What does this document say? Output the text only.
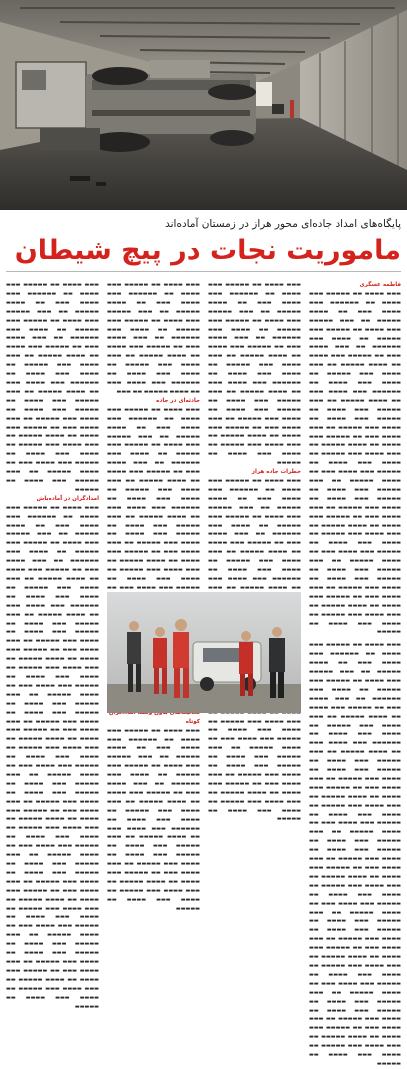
پایگاه‌های امداد جاده‌ای محور هراز در زمستان آماده‌اند
ماموریت نجات در پیچ شیطان
فاطمه عسگری

▬▬▬ ▬▬▬▬ ▬▬ ▬▬▬▬▬ ▬▬▬ ▬▬▬▬ ▬▬ ▬▬▬▬▬▬ ▬▬▬ ▬▬▬▬ ▬▬▬ ▬▬ ▬▬▬▬ ▬▬▬▬▬ ▬▬ ▬▬▬ ▬▬▬▬▬ ▬▬▬ ▬▬▬▬ ▬▬ ▬▬▬▬▬ ▬▬▬ ▬▬▬▬▬ ▬▬ ▬▬▬▬ ▬▬▬ ▬▬▬▬▬▬ ▬▬ ▬▬▬ ▬▬▬▬ ▬▬▬ ▬▬ ▬▬▬▬▬ ▬▬▬ ▬▬▬▬ ▬▬ ▬▬▬▬ ▬▬▬▬▬ ▬▬ ▬▬▬ ▬▬▬▬ ▬▬▬ ▬▬▬▬▬ ▬▬ ▬▬▬▬ ▬▬▬ ▬▬▬▬ ▬▬ ▬▬▬▬▬▬ ▬▬▬ ▬▬▬▬ ▬▬▬ ▬▬ ▬▬▬▬ ▬▬▬▬▬ ▬▬ ▬▬▬ ▬▬▬▬▬ ▬▬▬ ▬▬▬▬ ▬▬ ▬▬▬▬▬ ▬▬▬ ▬▬▬▬ ▬▬ ▬▬▬▬ ▬▬▬ ▬▬▬▬▬ ▬▬ ▬▬▬ ▬▬▬▬ ▬▬▬ ▬▬ ▬▬▬▬▬ ▬▬▬ ▬▬▬▬ ▬▬ ▬▬▬▬ ▬▬▬▬▬ ▬▬ ▬▬▬ ▬▬▬▬ ▬▬▬ ▬▬▬▬▬ ▬▬ ▬▬▬▬ ▬▬▬ ▬▬▬▬ ▬▬ ▬▬▬▬▬ ▬▬▬ ▬▬▬▬ ▬▬▬ ▬▬ ▬▬▬▬ ▬▬▬▬▬ ▬▬ ▬▬▬ ▬▬▬▬▬ ▬▬▬ ▬▬▬▬ ▬▬ ▬▬▬▬▬ ▬▬▬ ▬▬▬▬ ▬▬ ▬▬▬▬ ▬▬▬ ▬▬▬▬▬ ▬▬ ▬▬▬ ▬▬▬▬ ▬▬▬ ▬▬ ▬▬▬▬▬ ▬▬▬ ▬▬▬▬ ▬▬ ▬▬▬▬ ▬▬▬▬▬ ▬▬ ▬▬▬ ▬▬▬▬ ▬▬▬ ▬▬▬▬▬ ▬▬ ▬▬▬▬ ▬▬▬ ▬▬▬▬ ▬▬ ▬▬▬▬▬ ▬▬▬ ▬▬▬▬ ▬▬▬ ▬▬ ▬▬▬▬ ▬▬▬▬▬ ▬▬ ▬▬▬ ▬▬▬▬▬ ▬▬▬ ▬▬▬▬ ▬▬ ▬▬▬▬▬ ▬▬▬ ▬▬▬▬ ▬▬ ▬▬▬▬ ▬▬▬ ▬▬▬▬▬ ▬▬ ▬▬▬ ▬▬▬▬ ▬▬▬ ▬▬ ▬▬▬▬▬ ▬▬▬ ▬▬▬▬ ▬▬ ▬▬▬▬ ▬▬▬▬▬ ▬▬ ▬▬▬ ▬▬▬▬ ▬▬▬ ▬▬▬▬▬ ▬▬ ▬▬▬▬ ▬▬▬ ▬▬▬▬ ▬▬ ▬▬▬▬▬

▬▬▬ ▬▬▬▬ ▬▬ ▬▬▬▬▬ ▬▬▬ ▬▬▬▬ ▬▬ ▬▬▬▬▬▬ ▬▬▬ ▬▬▬▬ ▬▬▬ ▬▬ ▬▬▬▬ ▬▬▬▬▬ ▬▬ ▬▬▬ ▬▬▬▬▬ ▬▬▬ ▬▬▬▬ ▬▬ ▬▬▬▬▬ ▬▬▬ ▬▬▬▬▬ ▬▬ ▬▬▬▬ ▬▬▬ ▬▬▬▬▬▬ ▬▬ ▬▬▬ ▬▬▬▬ ▬▬▬ ▬▬ ▬▬▬▬▬ ▬▬▬ ▬▬▬▬ ▬▬ ▬▬▬▬ ▬▬▬▬▬ ▬▬ ▬▬▬ ▬▬▬▬ ▬▬▬ ▬▬▬▬▬ ▬▬ ▬▬▬▬ ▬▬▬ ▬▬▬▬ ▬▬ ▬▬▬▬▬▬ ▬▬▬ ▬▬▬▬ ▬▬▬ ▬▬ ▬▬▬▬ ▬▬▬▬▬ ▬▬ ▬▬▬ ▬▬▬▬▬ ▬▬▬ ▬▬▬▬ ▬▬ ▬▬▬▬▬ ▬▬▬ ▬▬▬▬ ▬▬ ▬▬▬▬ ▬▬▬ ▬▬▬▬▬ ▬▬ ▬▬▬ ▬▬▬▬ ▬▬▬ ▬▬ ▬▬▬▬▬ ▬▬▬ ▬▬▬▬ ▬▬ ▬▬▬▬ ▬▬▬▬▬ ▬▬ ▬▬▬ ▬▬▬▬ ▬▬▬ ▬▬▬▬▬ ▬▬ ▬▬▬▬ ▬▬▬ ▬▬▬▬ ▬▬ ▬▬▬▬▬ ▬▬▬ ▬▬▬▬ ▬▬▬ ▬▬ ▬▬▬▬ ▬▬▬▬▬ ▬▬ ▬▬▬ ▬▬▬▬▬ ▬▬▬ ▬▬▬▬ ▬▬ ▬▬▬▬▬ ▬▬▬ ▬▬▬▬ ▬▬ ▬▬▬▬ ▬▬▬ ▬▬▬▬▬ ▬▬ ▬▬▬ ▬▬▬▬ ▬▬▬ ▬▬ ▬▬▬▬▬ ▬▬▬ ▬▬▬▬ ▬▬ ▬▬▬▬ ▬▬▬▬▬ ▬▬ ▬▬▬ ▬▬▬▬ ▬▬▬ ▬▬▬▬▬ ▬▬ ▬▬▬▬ ▬▬▬ ▬▬▬▬ ▬▬ ▬▬▬▬▬ ▬▬▬ ▬▬▬▬ ▬▬▬ ▬▬ ▬▬▬▬ ▬▬▬▬▬ ▬▬ ▬▬▬ ▬▬▬▬▬ ▬▬▬ ▬▬▬▬ ▬▬ ▬▬▬▬▬ ▬▬▬ ▬▬▬▬ ▬▬ ▬▬▬▬ ▬▬▬ ▬▬▬▬▬ ▬▬ ▬▬▬ ▬▬▬▬ ▬▬▬ ▬▬ ▬▬▬▬▬ ▬▬▬ ▬▬▬▬ ▬▬ ▬▬▬▬ ▬▬▬▬▬ ▬▬ ▬▬▬ ▬▬▬▬ ▬▬▬ ▬▬▬▬▬ ▬▬ ▬▬▬▬ ▬▬▬ ▬▬▬▬ ▬▬ ▬▬▬▬▬ ▬▬▬ ▬▬▬▬ ▬▬▬ ▬▬ ▬▬▬▬ ▬▬▬▬▬ ▬▬ ▬▬▬ ▬▬▬▬▬ ▬▬▬ ▬▬▬▬ ▬▬ ▬▬▬▬▬ ▬▬▬ ▬▬▬▬ ▬▬ ▬▬▬▬ ▬▬▬ ▬▬▬▬▬ ▬▬ ▬▬▬ ▬▬▬▬ ▬▬▬ ▬▬ ▬▬▬▬▬ ▬▬▬ ▬▬▬▬ ▬▬ ▬▬▬▬ ▬▬▬▬▬ ▬▬ ▬▬▬ ▬▬▬▬ ▬▬▬ ▬▬▬▬▬ ▬▬ ▬▬▬▬ ▬▬▬ ▬▬▬▬ ▬▬ ▬▬▬▬▬

▬▬▬ ▬▬▬▬ ▬▬ ▬▬▬▬▬ ▬▬▬ ▬▬▬▬ ▬▬ ▬▬▬▬▬▬ ▬▬▬ ▬▬▬▬ ▬▬▬ ▬▬ ▬▬▬▬ ▬▬▬▬▬ ▬▬ ▬▬▬ ▬▬▬▬▬ ▬▬▬ ▬▬▬▬ ▬▬ ▬▬▬▬▬ ▬▬▬ ▬▬▬▬▬ ▬▬ ▬▬▬▬ ▬▬▬ ▬▬▬▬▬▬ ▬▬ ▬▬▬ ▬▬▬▬ ▬▬▬ ▬▬ ▬▬▬▬▬ ▬▬▬ ▬▬▬▬ ▬▬ ▬▬▬▬ ▬▬▬▬▬ ▬▬ ▬▬▬ ▬▬▬▬ ▬▬▬ ▬▬▬▬▬ ▬▬ ▬▬▬▬ ▬▬▬ ▬▬▬▬ ▬▬ ▬▬▬▬▬▬ ▬▬▬ ▬▬▬▬ ▬▬▬ ▬▬ ▬▬▬▬ ▬▬▬▬▬ ▬▬ ▬▬▬ ▬▬▬▬▬ ▬▬▬ ▬▬▬▬ ▬▬ ▬▬▬▬▬ ▬▬▬ ▬▬▬▬ ▬▬ ▬▬▬▬ ▬▬▬ ▬▬▬▬▬ ▬▬ ▬▬▬ ▬▬▬▬ ▬▬▬ ▬▬ ▬▬▬▬▬ ▬▬▬ ▬▬▬▬ ▬▬ ▬▬▬▬ ▬▬▬▬▬ ▬▬ ▬▬▬ ▬▬▬▬ ▬▬▬ ▬▬▬▬▬ ▬▬ ▬▬▬▬ ▬▬▬ ▬▬▬▬ ▬▬ ▬▬▬▬▬

خطرات جاده هراز

▬▬▬ ▬▬▬▬ ▬▬ ▬▬▬▬▬ ▬▬▬ ▬▬▬▬ ▬▬ ▬▬▬▬▬▬ ▬▬▬ ▬▬▬▬ ▬▬▬ ▬▬ ▬▬▬▬ ▬▬▬▬▬ ▬▬ ▬▬▬ ▬▬▬▬▬ ▬▬▬ ▬▬▬▬ ▬▬ ▬▬▬▬▬ ▬▬▬ ▬▬▬▬▬ ▬▬ ▬▬▬▬ ▬▬▬ ▬▬▬▬▬▬ ▬▬ ▬▬▬ ▬▬▬▬ ▬▬▬ ▬▬ ▬▬▬▬▬ ▬▬▬ ▬▬▬▬ ▬▬ ▬▬▬▬ ▬▬▬▬▬ ▬▬ ▬▬▬ ▬▬▬▬ ▬▬▬ ▬▬▬▬▬ ▬▬ ▬▬▬▬ ▬▬▬ ▬▬▬▬ ▬▬ ▬▬▬▬▬▬ ▬▬▬ ▬▬▬▬ ▬▬▬ ▬▬ ▬▬▬▬ ▬▬▬▬▬ ▬▬ ▬▬▬ ▬▬▬ ▬▬▬▬ ▬▬▬ ▬▬▬▬▬ ▬▬ ▬▬▬▬ ▬▬▬ ▬▬▬▬ ▬▬ ▬▬▬▬▬ ▬▬▬ ▬▬▬▬ ▬▬▬ ▬▬ ▬▬▬▬ ▬▬▬▬▬ ▬▬ ▬▬▬ ▬▬▬▬▬ ▬▬▬ ▬▬▬▬ ▬▬ ▬▬▬▬▬ ▬▬▬ ▬▬▬▬ ▬▬ ▬▬▬▬ ▬▬▬ ▬▬▬▬▬ ▬▬ ▬▬▬ ▬▬▬▬ ▬▬▬ ▬▬ ▬▬▬▬▬ ▬▬▬ ▬▬▬▬ ▬▬ ▬▬▬▬ ▬▬▬▬▬ ▬▬ ▬▬▬ ▬▬▬▬ ▬▬▬ ▬▬▬▬▬ ▬▬ ▬▬▬▬ ▬▬▬ ▬▬▬▬ ▬▬ ▬▬▬▬▬

▬▬▬ ▬▬▬▬ ▬▬ ▬▬▬▬▬ ▬▬▬ ▬▬▬▬ ▬▬ ▬▬▬▬▬▬ ▬▬▬ ▬▬▬▬ ▬▬▬ ▬▬ ▬▬▬▬ ▬▬▬▬▬ ▬▬ ▬▬▬ ▬▬▬▬▬ ▬▬▬ ▬▬▬▬ ▬▬ ▬▬▬▬▬ ▬▬▬ ▬▬▬▬▬ ▬▬ ▬▬▬▬ ▬▬▬ ▬▬▬▬▬▬ ▬▬ ▬▬▬ ▬▬▬▬ ▬▬▬ ▬▬ ▬▬▬▬▬ ▬▬▬ ▬▬▬▬ ▬▬ ▬▬▬▬ ▬▬▬▬▬ ▬▬ ▬▬▬ ▬▬▬▬ ▬▬▬ ▬▬▬▬▬ ▬▬ ▬▬▬▬ ▬▬▬ ▬▬▬▬ ▬▬ ▬▬▬▬▬▬ ▬▬▬ ▬▬▬▬ ▬▬▬ ▬▬ ▬▬▬▬ ▬▬▬▬▬ ▬▬ ▬▬▬

حادثه‌ای در جاده

▬▬▬ ▬▬▬▬ ▬▬ ▬▬▬▬▬ ▬▬▬ ▬▬▬▬ ▬▬ ▬▬▬▬▬▬ ▬▬▬ ▬▬▬▬ ▬▬▬ ▬▬ ▬▬▬▬ ▬▬▬▬▬ ▬▬ ▬▬▬ ▬▬▬▬▬ ▬▬▬ ▬▬▬▬ ▬▬ ▬▬▬▬▬ ▬▬▬ ▬▬▬▬▬ ▬▬ ▬▬▬▬ ▬▬▬ ▬▬▬▬▬▬ ▬▬ ▬▬▬ ▬▬▬▬ ▬▬▬ ▬▬ ▬▬▬▬▬ ▬▬▬ ▬▬▬▬ ▬▬ ▬▬▬▬ ▬▬▬▬▬ ▬▬ ▬▬▬ ▬▬▬▬ ▬▬▬ ▬▬▬▬▬ ▬▬ ▬▬▬▬ ▬▬▬ ▬▬▬▬ ▬▬ ▬▬▬▬▬▬ ▬▬▬ ▬▬▬▬ ▬▬▬ ▬▬ ▬▬▬▬ ▬▬▬▬▬ ▬▬ ▬▬▬ ▬▬▬▬▬ ▬▬▬ ▬▬▬▬ ▬▬ ▬▬▬▬▬ ▬▬▬ ▬▬▬▬ ▬▬ ▬▬▬▬ ▬▬▬ ▬▬▬▬▬ ▬▬ ▬▬▬ ▬▬▬▬ ▬▬▬ ▬▬ ▬▬▬▬▬ ▬▬▬ ▬▬▬▬ ▬▬ ▬▬▬▬ ▬▬▬▬▬ ▬▬ ▬▬▬ ▬▬▬▬ ▬▬▬ ▬▬▬▬▬ ▬▬ ▬▬▬▬ ▬▬▬ ▬▬▬▬ ▬▬ ▬▬▬▬▬ ▬▬▬ ▬▬▬▬ ▬▬▬ ▬▬

کوتاه

▬▬▬ ▬▬▬▬ ▬▬ ▬▬▬▬▬ ▬▬▬ ▬▬▬▬ ▬▬ ▬▬▬▬▬▬ ▬▬▬ ▬▬▬▬ ▬▬▬ ▬▬ ▬▬▬▬ ▬▬▬▬▬ ▬▬ ▬▬▬ ▬▬▬▬▬ ▬▬▬ ▬▬▬▬ ▬▬ ▬▬▬▬▬ ▬▬▬ ▬▬▬▬▬ ▬▬ ▬▬▬▬ ▬▬▬ ▬▬▬▬▬▬ ▬▬ ▬▬▬ ▬▬▬▬ ▬▬▬ ▬▬ ▬▬▬▬▬ ▬▬▬ ▬▬▬▬ ▬▬ ▬▬▬▬ ▬▬▬▬▬ ▬▬ ▬▬▬ ▬▬▬▬ ▬▬▬ ▬▬▬▬▬ ▬▬ ▬▬▬▬ ▬▬▬ ▬▬▬▬ ▬▬ ▬▬▬▬▬▬ ▬▬▬ ▬▬▬▬ ▬▬▬ ▬▬ ▬▬▬▬ ▬▬▬▬▬ ▬▬ ▬▬▬ ▬▬▬▬▬ ▬▬▬ ▬▬▬▬ ▬▬ ▬▬▬▬▬ ▬▬▬ ▬▬▬▬ ▬▬ ▬▬▬▬ ▬▬▬ ▬▬▬▬▬ ▬▬ ▬▬▬ ▬▬▬▬ ▬▬▬ ▬▬ ▬▬▬▬▬ ▬▬▬ ▬▬▬▬ ▬▬ ▬▬▬▬ ▬▬▬▬▬ ▬▬ ▬▬▬ ▬▬▬▬ ▬▬▬ ▬▬▬▬▬ ▬▬ ▬▬▬▬ ▬▬▬ ▬▬▬▬ ▬▬ ▬▬▬▬▬

▬▬▬ ▬▬▬▬ ▬▬ ▬▬▬▬▬ ▬▬▬ ▬▬▬▬ ▬▬ ▬▬▬▬▬▬ ▬▬▬ ▬▬▬▬ ▬▬▬ ▬▬ ▬▬▬▬ ▬▬▬▬▬ ▬▬ ▬▬▬ ▬▬▬▬▬ ▬▬▬ ▬▬▬▬ ▬▬ ▬▬▬▬▬ ▬▬▬ ▬▬▬▬▬ ▬▬ ▬▬▬▬ ▬▬▬ ▬▬▬▬▬▬ ▬▬ ▬▬▬ ▬▬▬▬ ▬▬▬ ▬▬ ▬▬▬▬▬ ▬▬▬ ▬▬▬▬ ▬▬ ▬▬▬▬ ▬▬▬▬▬ ▬▬ ▬▬▬ ▬▬▬▬ ▬▬▬ ▬▬▬▬▬ ▬▬ ▬▬▬▬ ▬▬▬ ▬▬▬▬ ▬▬ ▬▬▬▬▬▬ ▬▬▬ ▬▬▬▬ ▬▬▬ ▬▬ ▬▬▬▬ ▬▬▬▬▬ ▬▬ ▬▬▬ ▬▬▬▬▬ ▬▬▬ ▬▬▬▬ ▬▬ ▬▬▬▬▬ ▬▬▬ ▬▬▬▬ ▬▬ ▬▬▬▬ ▬▬▬ ▬▬▬▬▬ ▬▬ ▬▬▬ ▬▬▬▬ ▬▬▬ ▬▬ ▬▬▬▬▬ ▬▬▬ ▬▬▬▬ ▬▬ ▬▬▬▬ ▬▬▬▬▬ ▬▬ ▬▬▬ ▬▬▬▬ ▬▬▬ ▬▬▬▬▬ ▬▬ ▬▬▬▬ ▬▬▬ ▬▬▬▬ ▬▬ ▬▬▬▬▬ ▬▬▬ ▬▬▬▬ ▬▬▬ ▬▬ ▬▬▬▬ ▬▬▬▬▬ ▬▬ ▬▬▬ ▬▬▬▬▬ ▬▬▬ ▬▬▬▬ ▬▬ ▬▬▬▬▬

امدادگران در آماده‌باش

▬▬▬ ▬▬▬▬ ▬▬ ▬▬▬▬▬ ▬▬▬ ▬▬▬▬ ▬▬ ▬▬▬▬▬▬ ▬▬▬ ▬▬▬▬ ▬▬▬ ▬▬ ▬▬▬▬ ▬▬▬▬▬ ▬▬ ▬▬▬ ▬▬▬▬▬ ▬▬▬ ▬▬▬▬ ▬▬ ▬▬▬▬▬ ▬▬▬ ▬▬▬▬▬ ▬▬ ▬▬▬▬ ▬▬▬ ▬▬▬▬▬▬ ▬▬ ▬▬▬ ▬▬▬▬ ▬▬▬ ▬▬ ▬▬▬▬▬ ▬▬▬ ▬▬▬▬ ▬▬ ▬▬▬▬ ▬▬▬▬▬ ▬▬ ▬▬▬ ▬▬▬▬ ▬▬▬ ▬▬▬▬▬ ▬▬ ▬▬▬▬ ▬▬▬ ▬▬▬▬ ▬▬ ▬▬▬▬▬▬ ▬▬▬ ▬▬▬▬ ▬▬▬ ▬▬ ▬▬▬▬ ▬▬▬▬▬ ▬▬ ▬▬▬ ▬▬▬▬▬ ▬▬▬ ▬▬▬▬ ▬▬ ▬▬▬▬▬ ▬▬▬ ▬▬▬▬ ▬▬ ▬▬▬▬ ▬▬▬ ▬▬▬▬▬ ▬▬ ▬▬▬ ▬▬▬▬ ▬▬▬ ▬▬ ▬▬▬▬▬ ▬▬▬ ▬▬▬▬ ▬▬ ▬▬▬▬ ▬▬▬▬▬ ▬▬ ▬▬▬ ▬▬▬▬ ▬▬▬ ▬▬▬▬▬ ▬▬ ▬▬▬▬ ▬▬▬ ▬▬▬▬ ▬▬ ▬▬▬▬▬ ▬▬▬ ▬▬▬▬ ▬▬▬ ▬▬ ▬▬▬▬ ▬▬▬▬▬ ▬▬ ▬▬▬ ▬▬▬▬▬ ▬▬▬ ▬▬▬▬ ▬▬ ▬▬▬▬▬ ▬▬▬ ▬▬▬▬ ▬▬ ▬▬▬▬ ▬▬▬ ▬▬▬▬▬ ▬▬ ▬▬▬ ▬▬▬▬ ▬▬▬ ▬▬ ▬▬▬▬▬ ▬▬▬ ▬▬▬▬ ▬▬ ▬▬▬▬ ▬▬▬▬▬ ▬▬ ▬▬▬ ▬▬▬▬ ▬▬▬ ▬▬▬▬▬ ▬▬ ▬▬▬▬ ▬▬▬ ▬▬▬▬ ▬▬ ▬▬▬▬▬ ▬▬▬ ▬▬▬▬ ▬▬▬ ▬▬ ▬▬▬▬ ▬▬▬▬▬ ▬▬ ▬▬▬ ▬▬▬▬▬ ▬▬▬ ▬▬▬▬ ▬▬ ▬▬▬▬▬ ▬▬▬ ▬▬▬▬ ▬▬ ▬▬▬▬ ▬▬▬ ▬▬▬▬▬ ▬▬ ▬▬▬ ▬▬▬▬ ▬▬▬ ▬▬ ▬▬▬▬▬ ▬▬▬ ▬▬▬▬ ▬▬ ▬▬▬▬ ▬▬▬▬▬ ▬▬ ▬▬▬ ▬▬▬▬ ▬▬▬ ▬▬▬▬▬ ▬▬ ▬▬▬▬ ▬▬▬ ▬▬▬▬ ▬▬ ▬▬▬▬▬ ▬▬▬ ▬▬▬▬ ▬▬▬ ▬▬ ▬▬▬▬ ▬▬▬▬▬ ▬▬ ▬▬▬ ▬▬▬▬▬ ▬▬▬ ▬▬▬▬ ▬▬ ▬▬▬▬▬ ▬▬▬ ▬▬▬▬ ▬▬ ▬▬▬▬ ▬▬▬ ▬▬▬▬▬ ▬▬ ▬▬▬ ▬▬▬▬ ▬▬▬ ▬▬ ▬▬▬▬▬ ▬▬▬ ▬▬▬▬ ▬▬ ▬▬▬▬ ▬▬▬▬▬ ▬▬ ▬▬▬ ▬▬▬▬ ▬▬▬ ▬▬▬▬▬ ▬▬ ▬▬▬▬ ▬▬▬ ▬▬▬▬ ▬▬ ▬▬▬▬▬ ▬▬▬ ▬▬▬▬ ▬▬▬ ▬▬ ▬▬▬▬ ▬▬▬▬▬ ▬▬ ▬▬▬ ▬▬▬▬▬ ▬▬▬ ▬▬▬▬ ▬▬ ▬▬▬▬▬ ▬▬▬ ▬▬▬▬ ▬▬ ▬▬▬▬ ▬▬▬ ▬▬▬▬▬ ▬▬ ▬▬▬ ▬▬▬▬ ▬▬▬ ▬▬ ▬▬▬▬▬ ▬▬▬ ▬▬▬▬ ▬▬ ▬▬▬▬ ▬▬▬▬▬ ▬▬ ▬▬▬ ▬▬▬▬ ▬▬▬ ▬▬▬▬▬ ▬▬ ▬▬▬▬ ▬▬▬ ▬▬▬▬ ▬▬ ▬▬▬▬▬
